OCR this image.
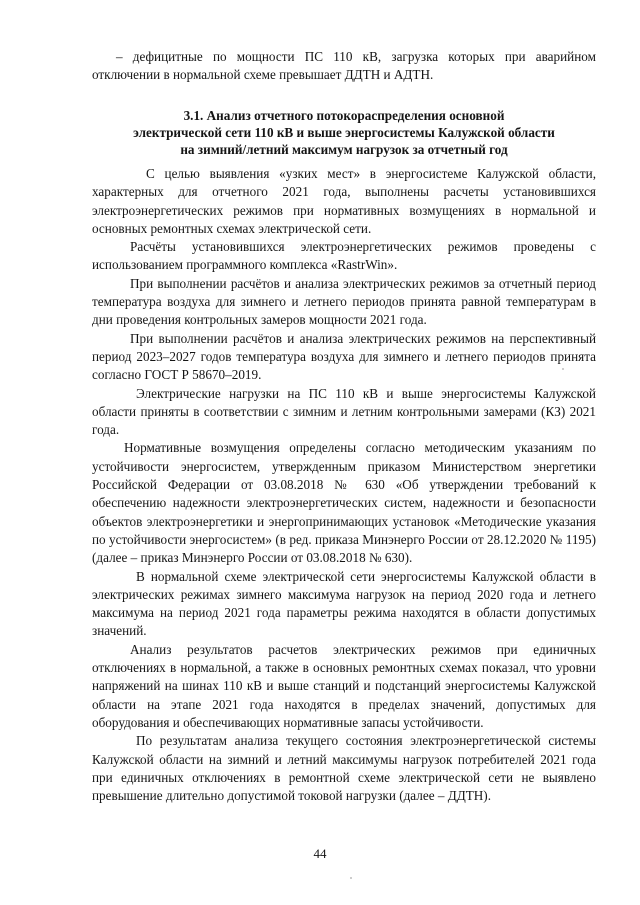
– дефицитные по мощности ПС 110 кВ, загрузка которых при аварийном
отключении в нормальной схеме превышает ДДТН и АДТН.
3.1. Анализ отчетного потокораспределения основной
электрической сети 110 кВ и выше энергосистемы Калужской области
на зимний/летний максимум нагрузок за отчетный год

С целью выявления «узких мест» в энергосистеме Калужской области, характерных для отчетного 2021 года, выполнены расчеты установившихся электроэнергетических режимов при нормативных возмущениях в нормальной и основных ремонтных схемах электрической сети.

Расчёты установившихся электроэнергетических режимов проведены с использованием программного комплекса «RastrWin».

При выполнении расчётов и анализа электрических режимов за отчетный период температура воздуха для зимнего и летнего периодов принята равной температурам в дни проведения контрольных замеров мощности 2021 года.

При выполнении расчётов и анализа электрических режимов на перспективный период 2023–2027 годов температура воздуха для зимнего и летнего периодов принята согласно ГОСТ Р 58670–2019.

Электрические нагрузки на ПС 110 кВ и выше энергосистемы Калужской области приняты в соответствии с зимним и летним контрольными замерами (КЗ) 2021 года.

Нормативные возмущения определены согласно методическим указаниям по устойчивости энергосистем, утвержденным приказом Министерством энергетики Российской Федерации от 03.08.2018 № 630 «Об утверждении требований к обеспечению надежности электроэнергетических систем, надежности и безопасности объектов электроэнергетики и энергопринимающих установок «Методические указания по устойчивости энергосистем» (в ред. приказа Минэнерго России от 28.12.2020 № 1195) (далее – приказ Минэнерго России от 03.08.2018 № 630).

В нормальной схеме электрической сети энергосистемы Калужской области в электрических режимах зимнего максимума нагрузок на период 2020 года и летнего максимума на период 2021 года параметры режима находятся в области допустимых значений.

Анализ результатов расчетов электрических режимов при единичных отключениях в нормальной, а также в основных ремонтных схемах показал, что уровни напряжений на шинах 110 кВ и выше станций и подстанций энергосистемы Калужской области на этапе 2021 года находятся в пределах значений, допустимых для оборудования и обеспечивающих нормативные запасы устойчивости.

По результатам анализа текущего состояния электроэнергетической системы Калужской области на зимний и летний максимумы нагрузок потребителей 2021 года при единичных отключениях в ремонтной схеме электрической сети не выявлено превышение длительно допустимой токовой нагрузки (далее – ДДТН).

44
